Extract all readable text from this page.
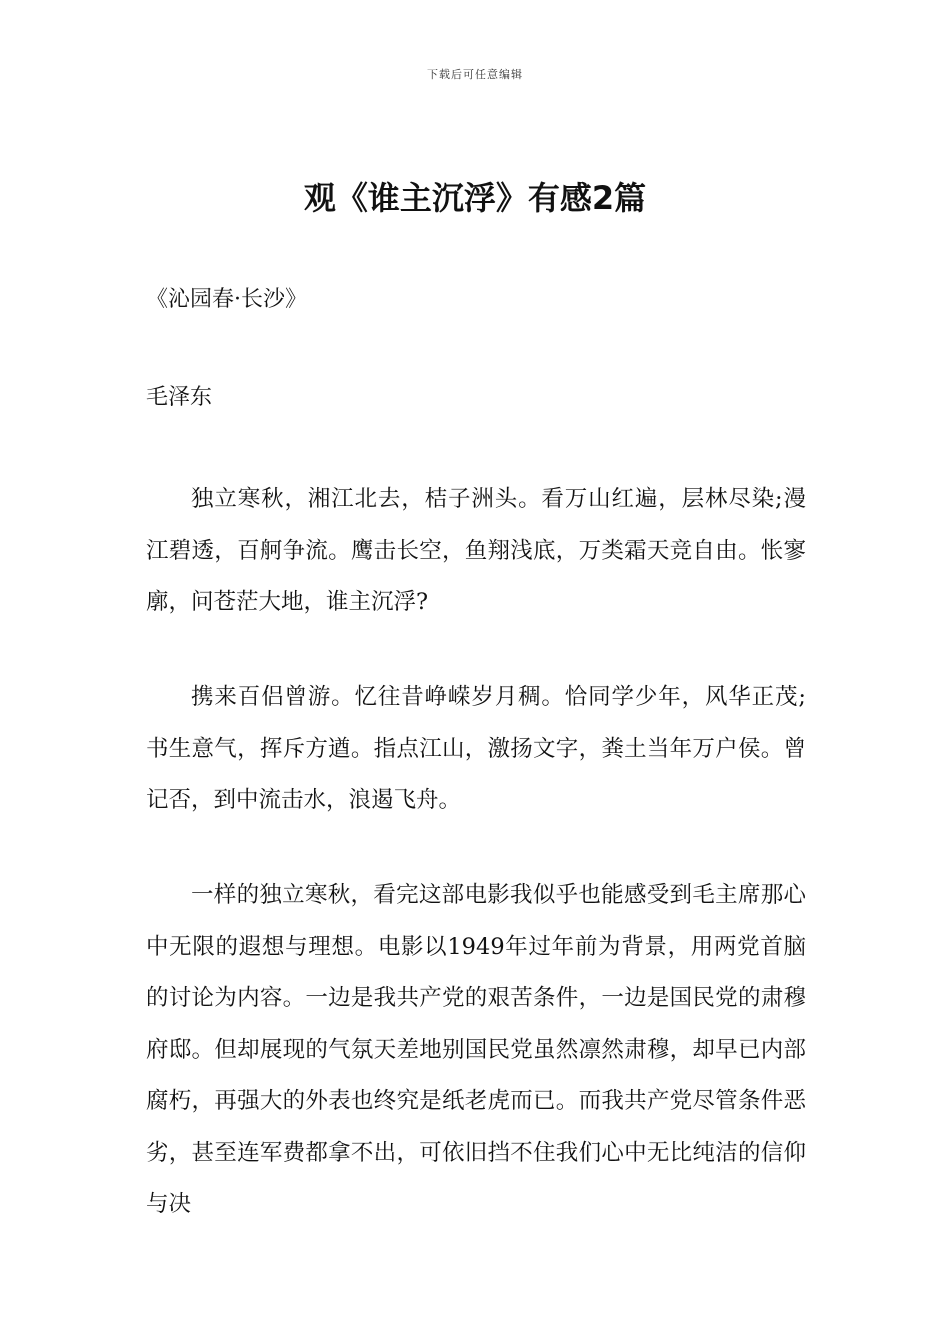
下载后可任意编辑
观《谁主沉浮》有感2篇
《沁园春·长沙》
毛泽东

独立寒秋，湘江北去，桔子洲头。看万山红遍，层林尽染;漫江碧透，百舸争流。鹰击长空，鱼翔浅底，万类霜天竞自由。怅寥廓，问苍茫大地，谁主沉浮?

携来百侣曾游。忆往昔峥嵘岁月稠。恰同学少年，风华正茂;书生意气，挥斥方遒。指点江山，激扬文字，粪土当年万户侯。曾记否，到中流击水，浪遏飞舟。

一样的独立寒秋，看完这部电影我似乎也能感受到毛主席那心中无限的遐想与理想。电影以1949年过年前为背景，用两党首脑的讨论为内容。一边是我共产党的艰苦条件，一边是国民党的肃穆府邸。但却展现的气氛天差地别国民党虽然凛然肃穆，却早已内部腐朽，再强大的外表也终究是纸老虎而已。而我共产党尽管条件恶劣，甚至连军费都拿不出，可依旧挡不住我们心中无比纯洁的信仰与决
